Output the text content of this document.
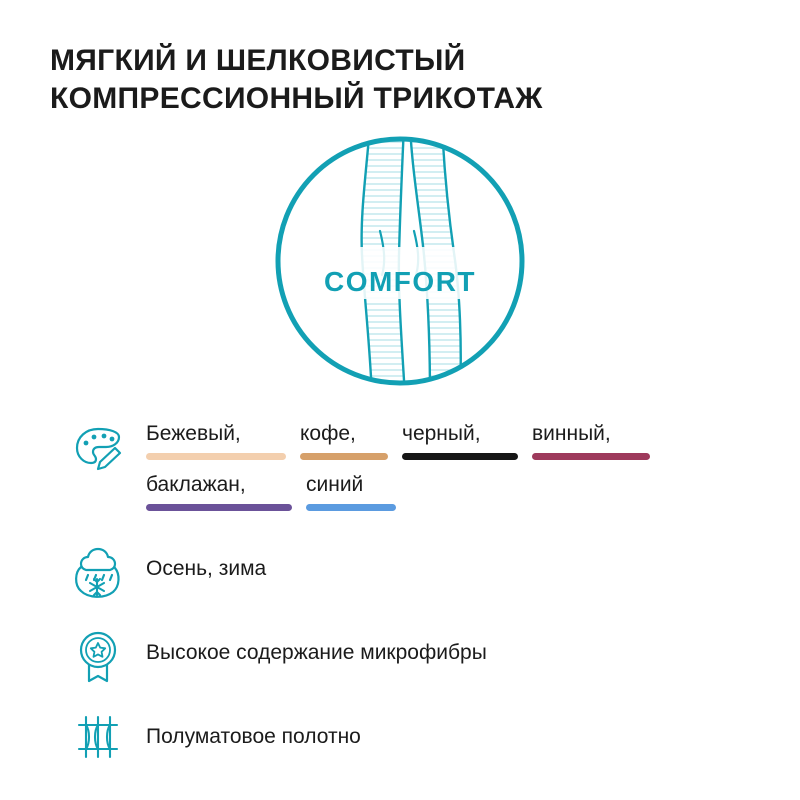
МЯГКИЙ И ШЕЛКОВИСТЫЙ
КОМПРЕССИОННЫЙ ТРИКОТАЖ
COMFORT
Бежевый,	кофе, черный, винный,
баклажан,	синий
Осень, зима
Высокое содержание микрофибры
Полуматовое полотно
